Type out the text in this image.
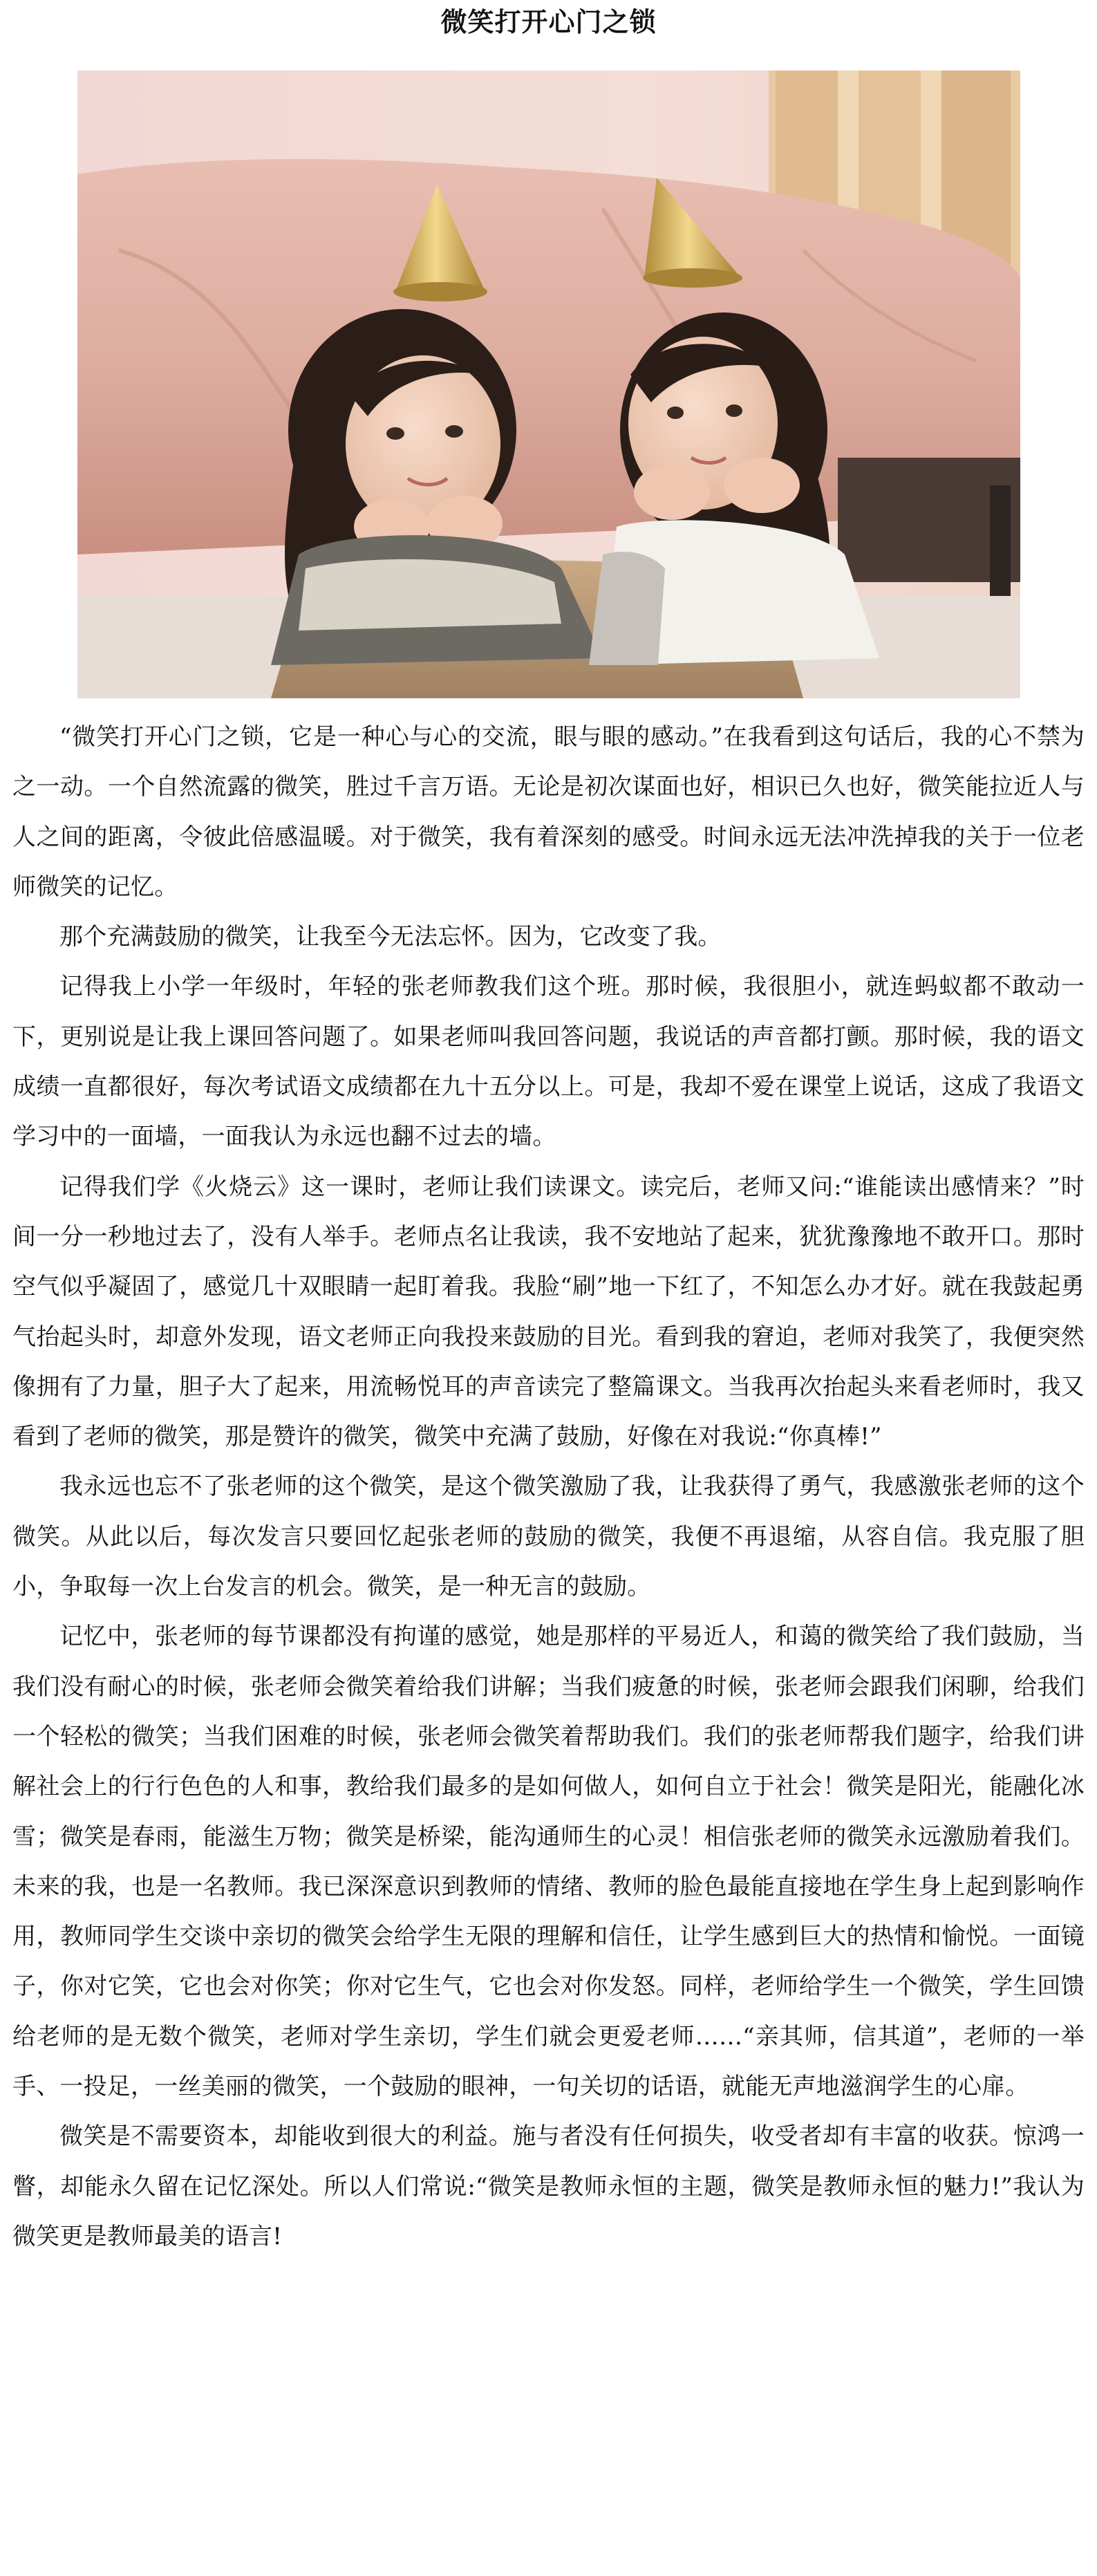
微笑打开心门之锁

“微笑打开心门之锁，它是一种心与心的交流，眼与眼的感动。”在我看到这句话后，我的心不禁为之一动。一个自然流露的微笑，胜过千言万语。无论是初次谋面也好，相识已久也好，微笑能拉近人与人之间的距离，令彼此倍感温暖。对于微笑，我有着深刻的感受。时间永远无法冲洗掉我的关于一位老师微笑的记忆。

那个充满鼓励的微笑，让我至今无法忘怀。因为，它改变了我。

记得我上小学一年级时，年轻的张老师教我们这个班。那时候，我很胆小，就连蚂蚁都不敢动一下，更别说是让我上课回答问题了。如果老师叫我回答问题，我说话的声音都打颤。那时候，我的语文成绩一直都很好，每次考试语文成绩都在九十五分以上。可是，我却不爱在课堂上说话，这成了我语文学习中的一面墙，一面我认为永远也翻不过去的墙。

记得我们学《火烧云》这一课时，老师让我们读课文。读完后，老师又问:“谁能读出感情来？”时间一分一秒地过去了，没有人举手。老师点名让我读，我不安地站了起来，犹犹豫豫地不敢开口。那时空气似乎凝固了，感觉几十双眼睛一起盯着我。我脸“刷”地一下红了，不知怎么办才好。就在我鼓起勇气抬起头时，却意外发现，语文老师正向我投来鼓励的目光。看到我的窘迫，老师对我笑了，我便突然像拥有了力量，胆子大了起来，用流畅悦耳的声音读完了整篇课文。当我再次抬起头来看老师时，我又看到了老师的微笑，那是赞许的微笑，微笑中充满了鼓励，好像在对我说:“你真棒!”

我永远也忘不了张老师的这个微笑，是这个微笑激励了我，让我获得了勇气，我感激张老师的这个微笑。从此以后，每次发言只要回忆起张老师的鼓励的微笑，我便不再退缩，从容自信。我克服了胆小，争取每一次上台发言的机会。微笑，是一种无言的鼓励。

记忆中，张老师的每节课都没有拘谨的感觉，她是那样的平易近人，和蔼的微笑给了我们鼓励，当我们没有耐心的时候，张老师会微笑着给我们讲解；当我们疲惫的时候，张老师会跟我们闲聊，给我们一个轻松的微笑；当我们困难的时候，张老师会微笑着帮助我们。我们的张老师帮我们题字，给我们讲解社会上的行行色色的人和事，教给我们最多的是如何做人，如何自立于社会！微笑是阳光，能融化冰雪；微笑是春雨，能滋生万物；微笑是桥梁，能沟通师生的心灵！相信张老师的微笑永远激励着我们。未来的我，也是一名教师。我已深深意识到教师的情绪、教师的脸色最能直接地在学生身上起到影响作用，教师同学生交谈中亲切的微笑会给学生无限的理解和信任，让学生感到巨大的热情和愉悦。一面镜子，你对它笑，它也会对你笑；你对它生气，它也会对你发怒。同样，老师给学生一个微笑，学生回馈给老师的是无数个微笑，老师对学生亲切，学生们就会更爱老师……“亲其师，信其道”，老师的一举手、一投足，一丝美丽的微笑，一个鼓励的眼神，一句关切的话语，就能无声地滋润学生的心扉。

微笑是不需要资本，却能收到很大的利益。施与者没有任何损失，收受者却有丰富的收获。惊鸿一瞥，却能永久留在记忆深处。所以人们常说:“微笑是教师永恒的主题，微笑是教师永恒的魅力!”我认为微笑更是教师最美的语言!
